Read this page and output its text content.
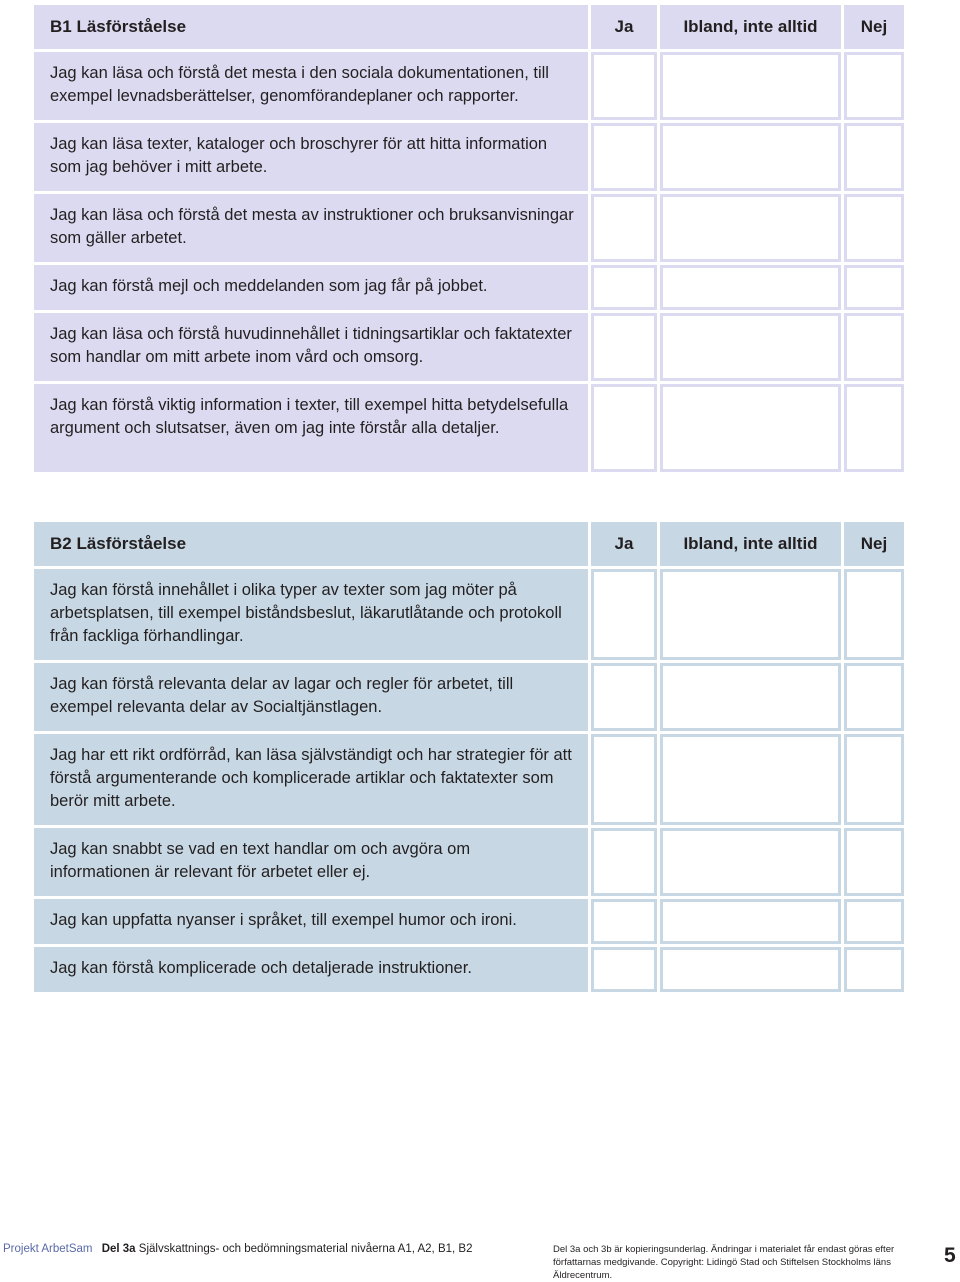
B1 Läsförståelse	Ja	Ibland, inte alltid	Nej
Jag kan läsa och förstå det mesta i den sociala dokumentationen, till exempel levnadsberättelser, genomförandeplaner och rapporter.			
Jag kan läsa texter, kataloger och broschyrer för att hitta information som jag behöver i mitt arbete.			
Jag kan läsa och förstå det mesta av instruktioner och bruksanvisningar som gäller arbetet.			
Jag kan förstå mejl och meddelanden som jag får på jobbet.			
Jag kan läsa och förstå huvudinnehållet i tidningsartiklar och faktatexter som handlar om mitt arbete inom vård och omsorg.			
Jag kan förstå viktig information i texter, till exempel hitta betydelsefulla argument och slutsatser, även om jag inte förstår alla detaljer.			
B2 Läsförståelse	Ja	Ibland, inte alltid	Nej
Jag kan förstå innehållet i olika typer av texter som jag möter på arbetsplatsen, till exempel biståndsbeslut, läkarutlåtande och protokoll från fackliga förhandlingar.			
Jag kan förstå relevanta delar av lagar och regler för arbetet, till exempel relevanta delar av Socialtjänstlagen.			
Jag har ett rikt ordförråd, kan läsa självständigt och har strategier för att förstå argumenterande och komplicerade artiklar och faktatexter som berör mitt arbete.			
Jag kan snabbt se vad en text handlar om och avgöra om informationen är relevant för arbetet eller ej.			
Jag kan uppfatta nyanser i språket, till exempel humor och ironi.			
Jag kan förstå komplicerade och detaljerade instruktioner.			
Projekt ArbetSam Del 3a Självskattnings- och bedömningsmaterial nivåerna A1, A2, B1, B2	Del 3a och 3b är kopieringsunderlag. Ändringar i materialet får endast göras efter författarnas medgivande. Copyright: Lidingö Stad och Stiftelsen Stockholms läns Äldrecentrum.
5
